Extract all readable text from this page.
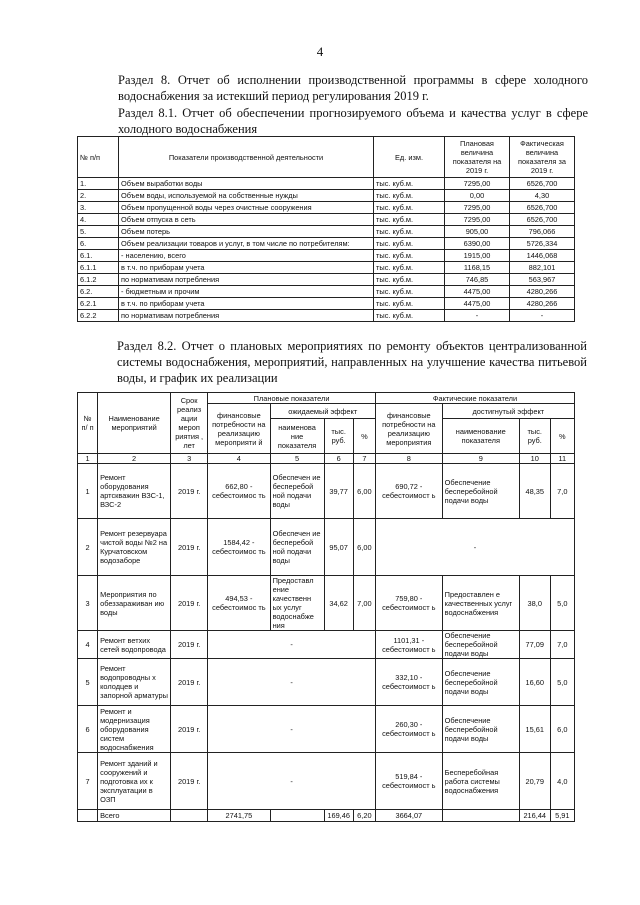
4
Раздел 8. Отчет об исполнении производственной программы в сфере холодного водоснабжения за истекший период регулирования 2019 г.
Раздел 8.1. Отчет об обеспечении прогнозируемого объема и качества услуг в сфере холодного водоснабжения
№ п/п	Показатели производственной деятельности	Ед. изм.	Плановая величина показателя на 2019 г.	Фактическая величина показателя за 2019 г.
1.	Объем выработки воды	тыс. куб.м.	7295,00	6526,700
2.	Объем воды, используемой на собственные нужды	тыс. куб.м.	0,00	4,30
3.	Объем пропущенной воды через очистные сооружения	тыс. куб.м.	7295,00	6526,700
4.	Объем отпуска в сеть	тыс. куб.м.	7295,00	6526,700
5.	Объем потерь	тыс. куб.м.	905,00	796,066
6.	Объем реализации товаров и услуг, в том числе по потребителям:	тыс. куб.м.	6390,00	5726,334
6.1.	- населению, всего	тыс. куб.м.	1915,00	1446,068
6.1.1	в т.ч. по приборам учета	тыс. куб.м.	1168,15	882,101
6.1.2	по нормативам потребления	тыс. куб.м.	746,85	563,967
6.2.	- бюджетным и прочим	тыс. куб.м.	4475,00	4280,266
6.2.1	в т.ч. по приборам учета	тыс. куб.м.	4475,00	4280,266
6.2.2	по нормативам потребления	тыс. куб.м.	-	-
Раздел 8.2. Отчет о плановых мероприятиях по ремонту объектов централизованной системы водоснабжения, мероприятий, направленных на улучшение качества питьевой воды, и график их реализации
№ п/ п	Наименование мероприятий	Срок реализ ации мероп риятия , лет	Плановые показатели				Фактические показатели			
			финансовые потребности на реализацию мероприяти й	ожидаемый эффект			финансовые потребности на реализацию мероприятия	достигнутый эффект		
				наименова ние показателя	тыс. руб.	%		наименование показателя	тыс. руб.	%
1	2	3	4	5	6	7	8	9	10	11
1	Ремонт оборудования артскважин ВЗС-1, ВЗС-2	2019 г.	662,80 - себестоимос ть	Обеспечен ие бесперебой ной подачи воды	39,77	6,00	690,72 - себестоимост ь	Обеспечение бесперебойной подачи воды	48,35	7,0
2	Ремонт резервуара чистой воды №2 на Курчатовском водозаборе	2019 г.	1584,42 - себестоимос ть	Обеспечен ие бесперебой ной подачи воды	95,07	6,00	-			
3	Мероприятия по обеззараживан ию воды	2019 г.	494,53 - себестоимос ть	Предоставл ение качественн ых услуг водоснабже ния	34,62	7,00	759,80 - себестоимост ь	Предоставлен е качественных услуг водоснабжения	38,0	5,0
4	Ремонт ветхих сетей водопровода	2019 г.	-				1101,31 - себестоимост ь	Обеспечение бесперебойной подачи воды	77,09	7,0
5	Ремонт водопроводны х колодцев и запорной арматуры	2019 г.	-				332,10 - себестоимост ь	Обеспечение бесперебойной подачи воды	16,60	5,0
6	Ремонт и модернизация оборудования систем водоснабжения	2019 г.	-				260,30 - себестоимост ь	Обеспечение бесперебойной подачи воды	15,61	6,0
7	Ремонт зданий и сооружений и подготовка их к эксплуатации в ОЗП	2019 г.	-				519,84 - себестоимост ь	Бесперебойная работа системы водоснабжения	20,79	4,0
	Всего		2741,75		169,46	6,20	3664,07		216,44	5,91
